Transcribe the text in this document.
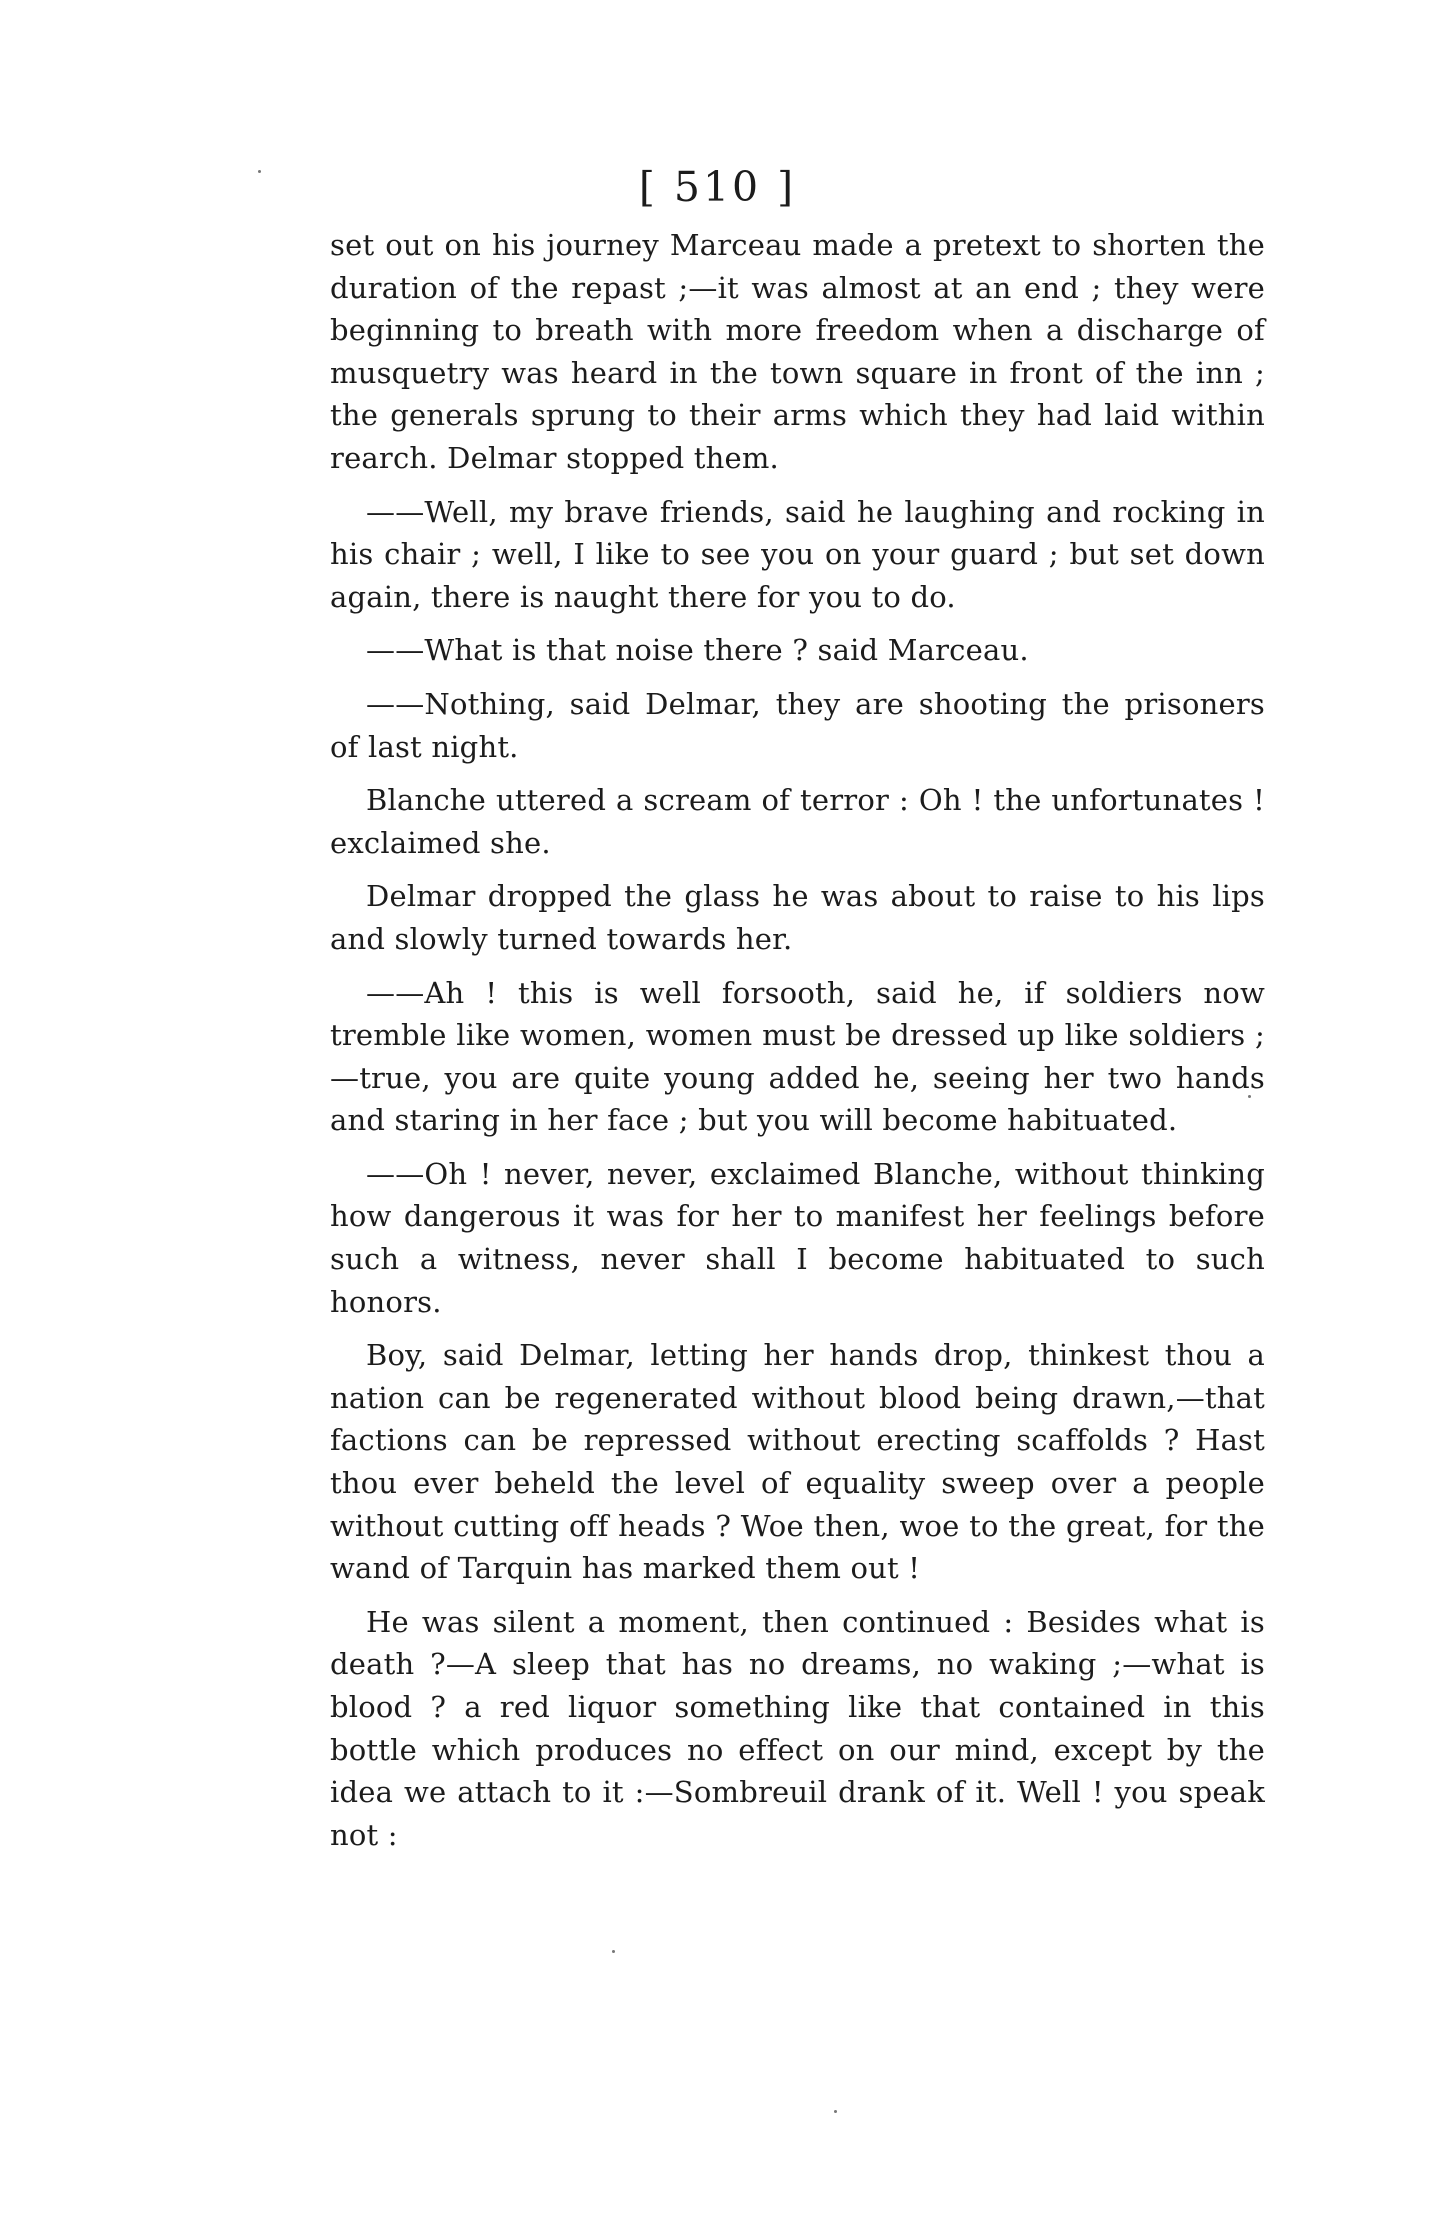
[ 510 ]

set out on his journey Marceau made a pretext to shorten the duration of the repast ;—it was almost at an end ; they were beginning to breath with more freedom when a discharge of musquetry was heard in the town square in front of the inn ; the generals sprung to their arms which they had laid within rearch. Delmar stopped them.

——Well, my brave friends, said he laughing and rocking in his chair ; well, I like to see you on your guard ; but set down again, there is naught there for you to do.

——What is that noise there ? said Marceau.

——Nothing, said Delmar, they are shooting the prisoners of last night.

Blanche uttered a scream of terror : Oh ! the unfortunates ! exclaimed she.

Delmar dropped the glass he was about to raise to his lips and slowly turned towards her.

——Ah ! this is well forsooth, said he, if soldiers now tremble like women, women must be dressed up like soldiers ;—true, you are quite young added he, seeing her two hands and staring in her face ; but you will become habituated.

——Oh ! never, never, exclaimed Blanche, without thinking how dangerous it was for her to manifest her feelings before such a witness, never shall I become habituated to such honors.

Boy, said Delmar, letting her hands drop, thinkest thou a nation can be regenerated without blood being drawn,—that factions can be repressed without erecting scaffolds ? Hast thou ever beheld the level of equality sweep over a people without cutting off heads ? Woe then, woe to the great, for the wand of Tarquin has marked them out !

He was silent a moment, then continued : Besides what is death ?—A sleep that has no dreams, no waking ;—what is blood ? a red liquor something like that contained in this bottle which produces no effect on our mind, except by the idea we attach to it :—Sombreuil drank of it. Well ! you speak not :
